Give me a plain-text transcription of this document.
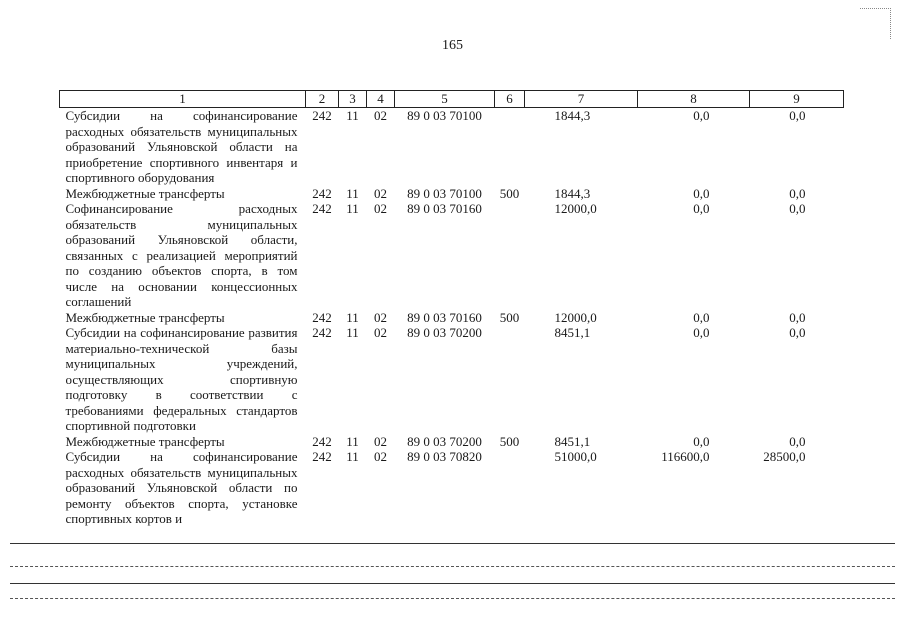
165
1	2	3	4	5	6	7	8	9
Субсидии на софинансирование расходных обязательств муниципальных образований Ульяновской области на приобретение спортивного инвентаря и спортивного оборудования	242	11	02	89 0 03 70100		1844,3	0,0	0,0
Межбюджетные трансферты	242	11	02	89 0 03 70100	500	1844,3	0,0	0,0
Софинансирование расходных обязательств муниципальных образований Ульяновской области, связанных с реализацией мероприятий по созданию объектов спорта, в том числе на основании концессионных соглашений	242	11	02	89 0 03 70160		12000,0	0,0	0,0
Межбюджетные трансферты	242	11	02	89 0 03 70160	500	12000,0	0,0	0,0
Субсидии на софинансирование развития материально-технической базы муниципальных учреждений, осуществляющих спортивную подготовку в соответствии с требованиями федеральных стандартов спортивной подготовки	242	11	02	89 0 03 70200		8451,1	0,0	0,0
Межбюджетные трансферты	242	11	02	89 0 03 70200	500	8451,1	0,0	0,0
Субсидии на софинансирование расходных обязательств муниципальных образований Ульяновской области по ремонту объектов спорта, установке спортивных кортов и	242	11	02	89 0 03 70820		51000,0	116600,0	28500,0
